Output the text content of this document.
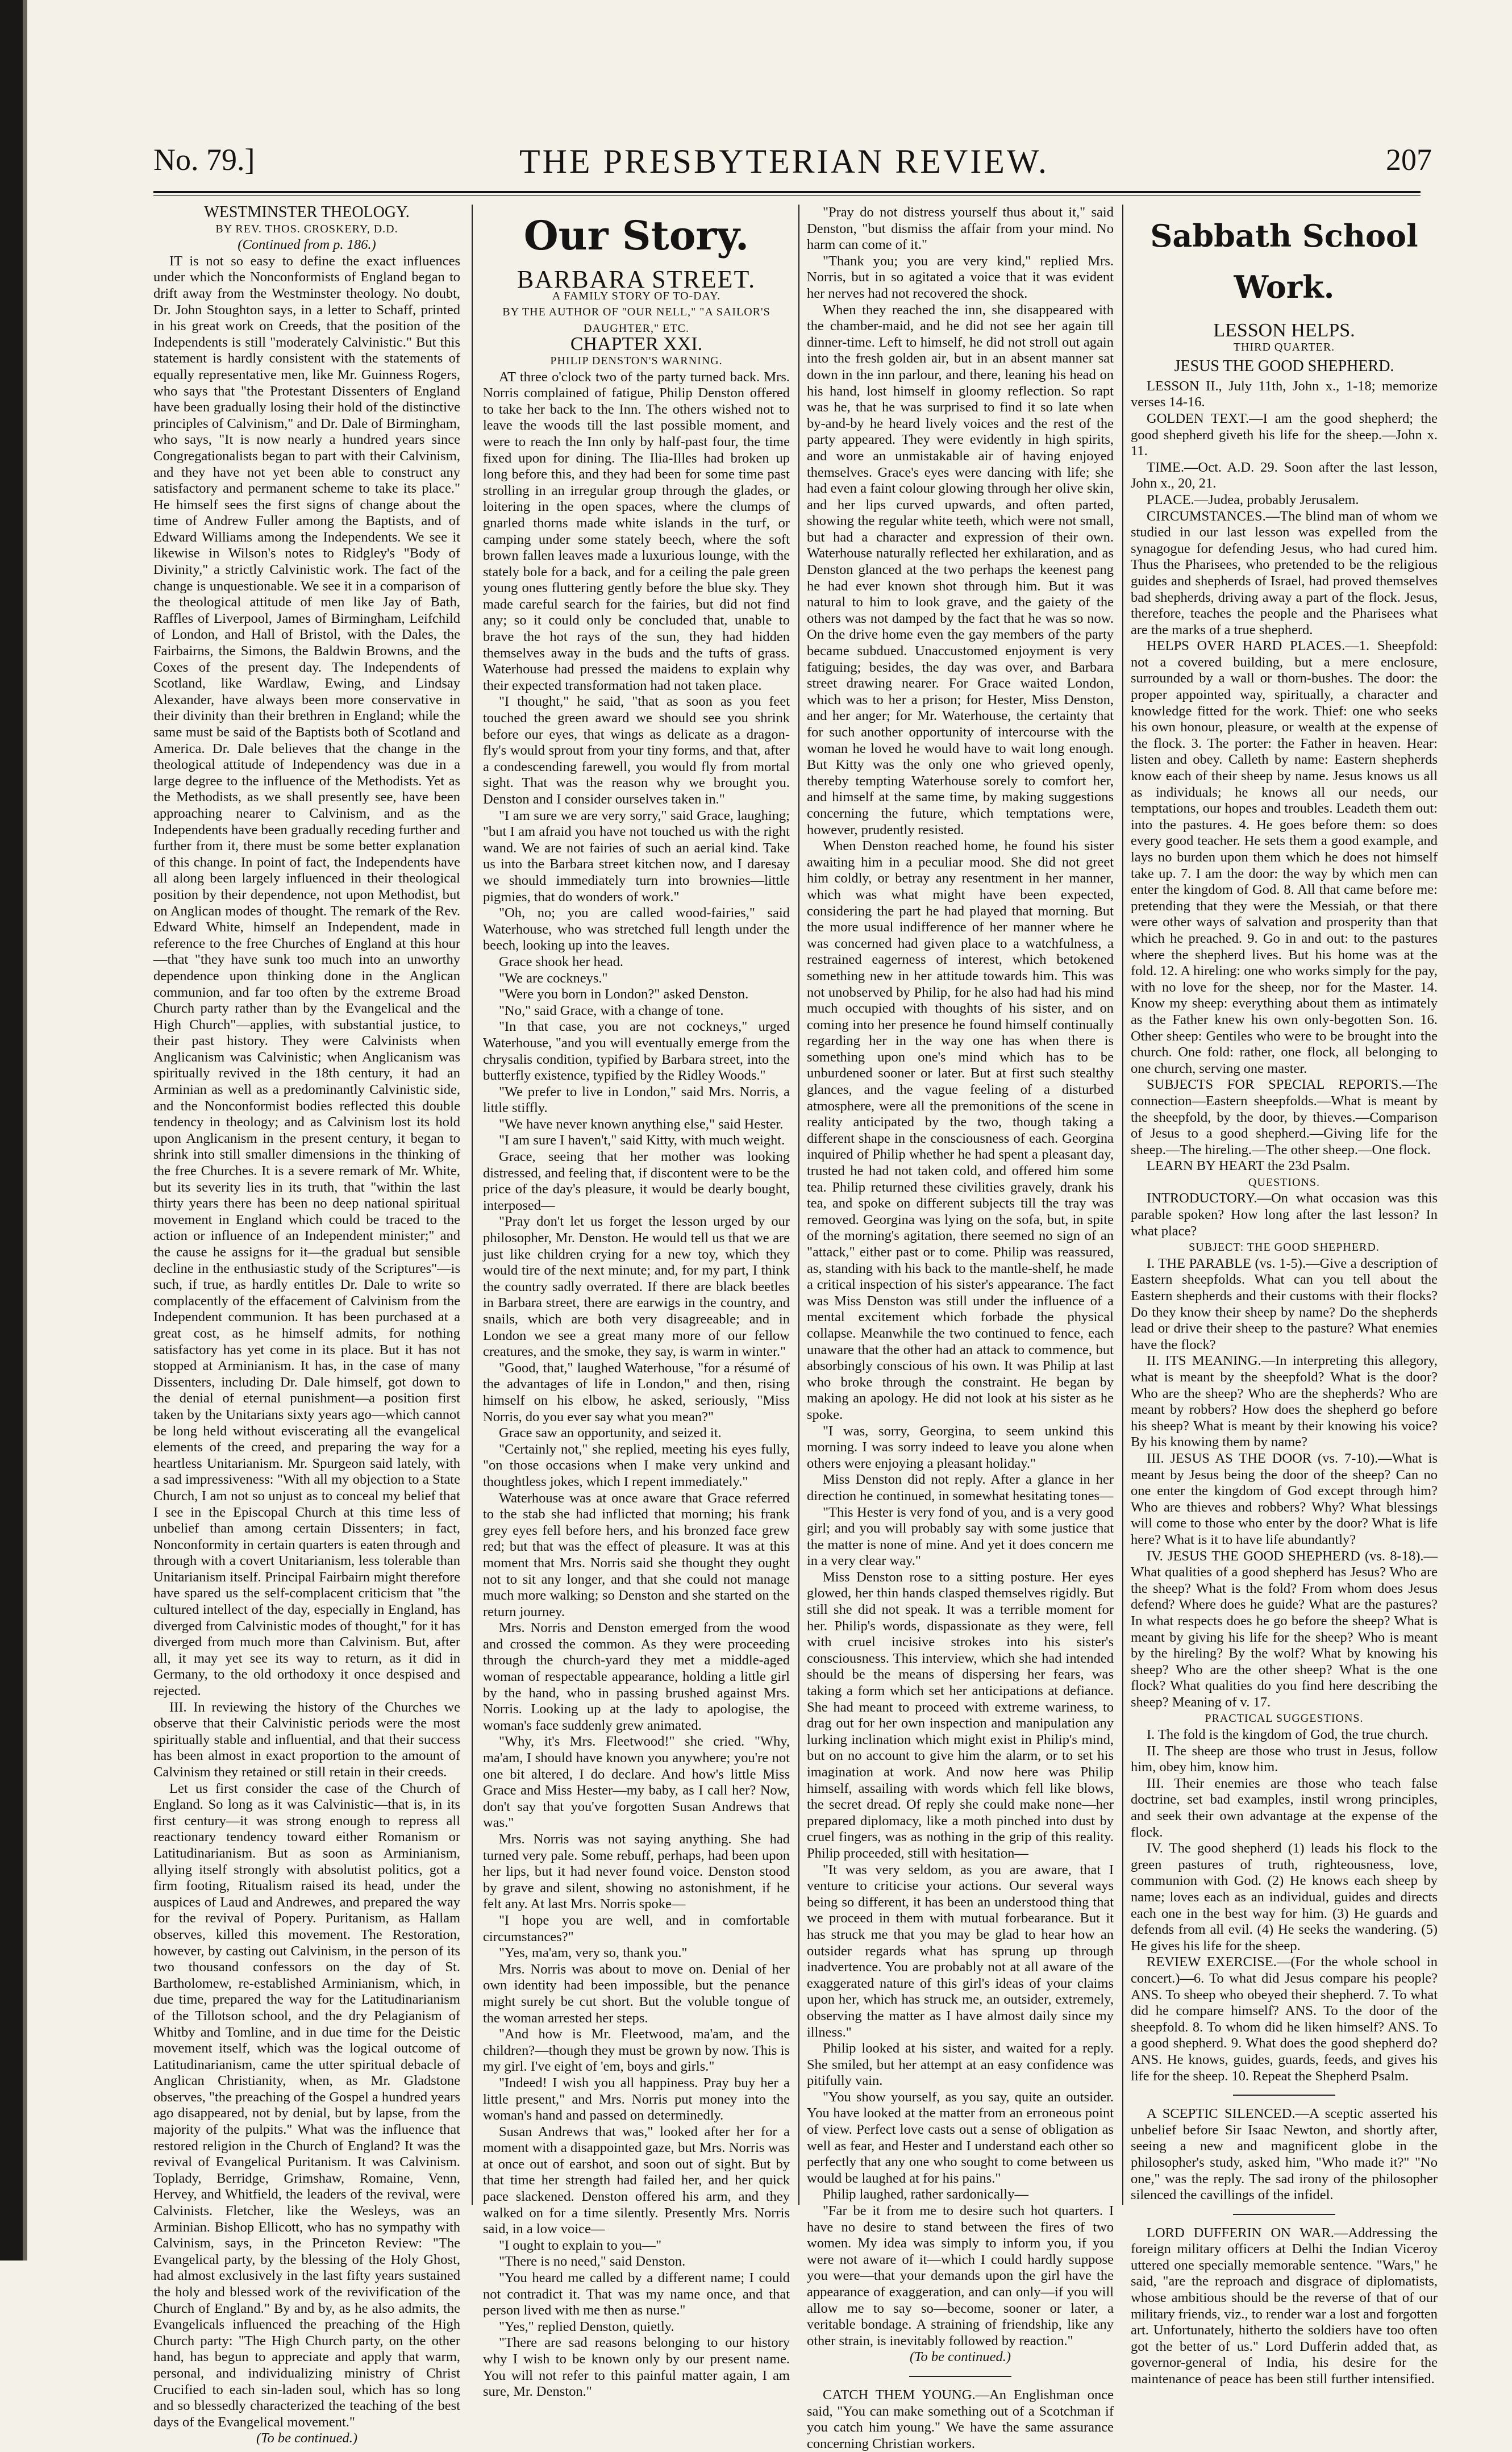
No. 79.]	THE PRESBYTERIAN REVIEW.	207

WESTMINSTER THEOLOGY.

BY REV. THOS. CROSKERY, D.D.

(Continued from p. 186.)

IT is not so easy to define the exact influences under which the Nonconformists of England began to drift away from the Westminster theology. No doubt, Dr. John Stoughton says, in a letter to Schaff, printed in his great work on Creeds, that the position of the Independents is still "moderately Calvinistic." But this statement is hardly consistent with the statements of equally representative men, like Mr. Guinness Rogers, who says that "the Protestant Dissenters of England have been gradually losing their hold of the distinctive principles of Calvinism," and Dr. Dale of Birmingham, who says, "It is now nearly a hundred years since Congregationalists began to part with their Calvinism, and they have not yet been able to construct any satisfactory and permanent scheme to take its place." He himself sees the first signs of change about the time of Andrew Fuller among the Baptists, and of Edward Williams among the Independents. We see it likewise in Wilson's notes to Ridgley's "Body of Divinity," a strictly Calvinistic work. The fact of the change is unquestionable. We see it in a comparison of the theological attitude of men like Jay of Bath, Raffles of Liverpool, James of Birmingham, Leifchild of London, and Hall of Bristol, with the Dales, the Fairbairns, the Simons, the Baldwin Browns, and the Coxes of the present day. The Independents of Scotland, like Wardlaw, Ewing, and Lindsay Alexander, have always been more conservative in their divinity than their brethren in England; while the same must be said of the Baptists both of Scotland and America. Dr. Dale believes that the change in the theological attitude of Independency was due in a large degree to the influence of the Methodists. Yet as the Methodists, as we shall presently see, have been approaching nearer to Calvinism, and as the Independents have been gradually receding further and further from it, there must be some better explanation of this change. In point of fact, the Independents have all along been largely influenced in their theological position by their dependence, not upon Methodist, but on Anglican modes of thought. The remark of the Rev. Edward White, himself an Independent, made in reference to the free Churches of England at this hour—that "they have sunk too much into an unworthy dependence upon thinking done in the Anglican communion, and far too often by the extreme Broad Church party rather than by the Evangelical and the High Church"—applies, with substantial justice, to their past history. They were Calvinists when Anglicanism was Calvinistic; when Anglicanism was spiritually revived in the 18th century, it had an Arminian as well as a predominantly Calvinistic side, and the Nonconformist bodies reflected this double tendency in theology; and as Calvinism lost its hold upon Anglicanism in the present century, it began to shrink into still smaller dimensions in the thinking of the free Churches. It is a severe remark of Mr. White, but its severity lies in its truth, that "within the last thirty years there has been no deep national spiritual movement in England which could be traced to the action or influence of an Independent minister;" and the cause he assigns for it—the gradual but sensible decline in the enthusiastic study of the Scriptures"—is such, if true, as hardly entitles Dr. Dale to write so complacently of the effacement of Calvinism from the Independent communion. It has been purchased at a great cost, as he himself admits, for nothing satisfactory has yet come in its place. But it has not stopped at Arminianism. It has, in the case of many Dissenters, including Dr. Dale himself, got down to the denial of eternal punishment—a position first taken by the Unitarians sixty years ago—which cannot be long held without eviscerating all the evangelical elements of the creed, and preparing the way for a heartless Unitarianism. Mr. Spurgeon said lately, with a sad impressiveness: "With all my objection to a State Church, I am not so unjust as to conceal my belief that I see in the Episcopal Church at this time less of unbelief than among certain Dissenters; in fact, Nonconformity in certain quarters is eaten through and through with a covert Unitarianism, less tolerable than Unitarianism itself. Principal Fairbairn might therefore have spared us the self-complacent criticism that "the cultured intellect of the day, especially in England, has diverged from Calvinistic modes of thought," for it has diverged from much more than Calvinism. But, after all, it may yet see its way to return, as it did in Germany, to the old orthodoxy it once despised and rejected.

III. In reviewing the history of the Churches we observe that their Calvinistic periods were the most spiritually stable and influential, and that their success has been almost in exact proportion to the amount of Calvinism they retained or still retain in their creeds.

Let us first consider the case of the Church of England. So long as it was Calvinistic—that is, in its first century—it was strong enough to repress all reactionary tendency toward either Romanism or Latitudinarianism. But as soon as Arminianism, allying itself strongly with absolutist politics, got a firm footing, Ritualism raised its head, under the auspices of Laud and Andrewes, and prepared the way for the revival of Popery. Puritanism, as Hallam observes, killed this movement. The Restoration, however, by casting out Calvinism, in the person of its two thousand confessors on the day of St. Bartholomew, re-established Arminianism, which, in due time, prepared the way for the Latitudinarianism of the Tillotson school, and the dry Pelagianism of Whitby and Tomline, and in due time for the Deistic movement itself, which was the logical outcome of Latitudinarianism, came the utter spiritual debacle of Anglican Christianity, when, as Mr. Gladstone observes, "the preaching of the Gospel a hundred years ago disappeared, not by denial, but by lapse, from the majority of the pulpits." What was the influence that restored religion in the Church of England? It was the revival of Evangelical Puritanism. It was Calvinism. Toplady, Berridge, Grimshaw, Romaine, Venn, Hervey, and Whitfield, the leaders of the revival, were Calvinists. Fletcher, like the Wesleys, was an Arminian. Bishop Ellicott, who has no sympathy with Calvinism, says, in the Princeton Review: "The Evangelical party, by the blessing of the Holy Ghost, had almost exclusively in the last fifty years sustained the holy and blessed work of the revivification of the Church of England." By and by, as he also admits, the Evangelicals influenced the preaching of the High Church party: "The High Church party, on the other hand, has begun to appreciate and apply that warm, personal, and individualizing ministry of Christ Crucified to each sin-laden soul, which has so long and so blessedly characterized the teaching of the best days of the Evangelical movement."

(To be continued.)

Our Story.

BARBARA STREET.

A FAMILY STORY OF TO-DAY.

BY THE AUTHOR OF "OUR NELL," "A SAILOR'S DAUGHTER," ETC.

CHAPTER XXI.

PHILIP DENSTON'S WARNING.

AT three o'clock two of the party turned back. Mrs. Norris complained of fatigue, Philip Denston offered to take her back to the Inn. The others wished not to leave the woods till the last possible moment, and were to reach the Inn only by half-past four, the time fixed upon for dining. The Ilia-Illes had broken up long before this, and they had been for some time past strolling in an irregular group through the glades, or loitering in the open spaces, where the clumps of gnarled thorns made white islands in the turf, or camping under some stately beech, where the soft brown fallen leaves made a luxurious lounge, with the stately bole for a back, and for a ceiling the pale green young ones fluttering gently before the blue sky. They made careful search for the fairies, but did not find any; so it could only be concluded that, unable to brave the hot rays of the sun, they had hidden themselves away in the buds and the tufts of grass. Waterhouse had pressed the maidens to explain why their expected transformation had not taken place.

"I thought," he said, "that as soon as you feet touched the green award we should see you shrink before our eyes, that wings as delicate as a dragon-fly's would sprout from your tiny forms, and that, after a condescending farewell, you would fly from mortal sight. That was the reason why we brought you. Denston and I consider ourselves taken in."

"I am sure we are very sorry," said Grace, laughing; "but I am afraid you have not touched us with the right wand. We are not fairies of such an aerial kind. Take us into the Barbara street kitchen now, and I daresay we should immediately turn into brownies—little pigmies, that do wonders of work."

"Oh, no; you are called wood-fairies," said Waterhouse, who was stretched full length under the beech, looking up into the leaves.

Grace shook her head.

"We are cockneys."

"Were you born in London?" asked Denston.

"No," said Grace, with a change of tone.

"In that case, you are not cockneys," urged Waterhouse, "and you will eventually emerge from the chrysalis condition, typified by Barbara street, into the butterfly existence, typified by the Ridley Woods."

"We prefer to live in London," said Mrs. Norris, a little stiffly.

"We have never known anything else," said Hester.

"I am sure I haven't," said Kitty, with much weight.

Grace, seeing that her mother was looking distressed, and feeling that, if discontent were to be the price of the day's pleasure, it would be dearly bought, interposed—

"Pray don't let us forget the lesson urged by our philosopher, Mr. Denston. He would tell us that we are just like children crying for a new toy, which they would tire of the next minute; and, for my part, I think the country sadly overrated. If there are black beetles in Barbara street, there are earwigs in the country, and snails, which are both very disagreeable; and in London we see a great many more of our fellow creatures, and the smoke, they say, is warm in winter."

"Good, that," laughed Waterhouse, "for a résumé of the advantages of life in London," and then, rising himself on his elbow, he asked, seriously, "Miss Norris, do you ever say what you mean?"

Grace saw an opportunity, and seized it.

"Certainly not," she replied, meeting his eyes fully, "on those occasions when I make very unkind and thoughtless jokes, which I repent immediately."

Waterhouse was at once aware that Grace referred to the stab she had inflicted that morning; his frank grey eyes fell before hers, and his bronzed face grew red; but that was the effect of pleasure. It was at this moment that Mrs. Norris said she thought they ought not to sit any longer, and that she could not manage much more walking; so Denston and she started on the return journey.

Mrs. Norris and Denston emerged from the wood and crossed the common. As they were proceeding through the church-yard they met a middle-aged woman of respectable appearance, holding a little girl by the hand, who in passing brushed against Mrs. Norris. Looking up at the lady to apologise, the woman's face suddenly grew animated.

"Why, it's Mrs. Fleetwood!" she cried. "Why, ma'am, I should have known you anywhere; you're not one bit altered, I do declare. And how's little Miss Grace and Miss Hester—my baby, as I call her? Now, don't say that you've forgotten Susan Andrews that was."

Mrs. Norris was not saying anything. She had turned very pale. Some rebuff, perhaps, had been upon her lips, but it had never found voice. Denston stood by grave and silent, showing no astonishment, if he felt any. At last Mrs. Norris spoke—

"I hope you are well, and in comfortable circumstances?"

"Yes, ma'am, very so, thank you."

Mrs. Norris was about to move on. Denial of her own identity had been impossible, but the penance might surely be cut short. But the voluble tongue of the woman arrested her steps.

"And how is Mr. Fleetwood, ma'am, and the children?—though they must be grown by now. This is my girl. I've eight of 'em, boys and girls."

"Indeed! I wish you all happiness. Pray buy her a little present," and Mrs. Norris put money into the woman's hand and passed on determinedly.

Susan Andrews that was," looked after her for a moment with a disappointed gaze, but Mrs. Norris was at once out of earshot, and soon out of sight. But by that time her strength had failed her, and her quick pace slackened. Denston offered his arm, and they walked on for a time silently. Presently Mrs. Norris said, in a low voice—

"I ought to explain to you—"

"There is no need," said Denston.

"You heard me called by a different name; I could not contradict it. That was my name once, and that person lived with me then as nurse."

"Yes," replied Denston, quietly.

"There are sad reasons belonging to our history why I wish to be known only by our present name. You will not refer to this painful matter again, I am sure, Mr. Denston."

"Pray do not distress yourself thus about it," said Denston, "but dismiss the affair from your mind. No harm can come of it."

"Thank you; you are very kind," replied Mrs. Norris, but in so agitated a voice that it was evident her nerves had not recovered the shock.

When they reached the inn, she disappeared with the chamber-maid, and he did not see her again till dinner-time. Left to himself, he did not stroll out again into the fresh golden air, but in an absent manner sat down in the inn parlour, and there, leaning his head on his hand, lost himself in gloomy reflection. So rapt was he, that he was surprised to find it so late when by-and-by he heard lively voices and the rest of the party appeared. They were evidently in high spirits, and wore an unmistakable air of having enjoyed themselves. Grace's eyes were dancing with life; she had even a faint colour glowing through her olive skin, and her lips curved upwards, and often parted, showing the regular white teeth, which were not small, but had a character and expression of their own. Waterhouse naturally reflected her exhilaration, and as Denston glanced at the two perhaps the keenest pang he had ever known shot through him. But it was natural to him to look grave, and the gaiety of the others was not damped by the fact that he was so now. On the drive home even the gay members of the party became subdued. Unaccustomed enjoyment is very fatiguing; besides, the day was over, and Barbara street drawing nearer. For Grace waited London, which was to her a prison; for Hester, Miss Denston, and her anger; for Mr. Waterhouse, the certainty that for such another opportunity of intercourse with the woman he loved he would have to wait long enough. But Kitty was the only one who grieved openly, thereby tempting Waterhouse sorely to comfort her, and himself at the same time, by making suggestions concerning the future, which temptations were, however, prudently resisted.

When Denston reached home, he found his sister awaiting him in a peculiar mood. She did not greet him coldly, or betray any resentment in her manner, which was what might have been expected, considering the part he had played that morning. But the more usual indifference of her manner where he was concerned had given place to a watchfulness, a restrained eagerness of interest, which betokened something new in her attitude towards him. This was not unobserved by Philip, for he also had had his mind much occupied with thoughts of his sister, and on coming into her presence he found himself continually regarding her in the way one has when there is something upon one's mind which has to be unburdened sooner or later. But at first such stealthy glances, and the vague feeling of a disturbed atmosphere, were all the premonitions of the scene in reality anticipated by the two, though taking a different shape in the consciousness of each. Georgina inquired of Philip whether he had spent a pleasant day, trusted he had not taken cold, and offered him some tea. Philip returned these civilities gravely, drank his tea, and spoke on different subjects till the tray was removed. Georgina was lying on the sofa, but, in spite of the morning's agitation, there seemed no sign of an "attack," either past or to come. Philip was reassured, as, standing with his back to the mantle-shelf, he made a critical inspection of his sister's appearance. The fact was Miss Denston was still under the influence of a mental excitement which forbade the physical collapse. Meanwhile the two continued to fence, each unaware that the other had an attack to commence, but absorbingly conscious of his own. It was Philip at last who broke through the constraint. He began by making an apology. He did not look at his sister as he spoke.

"I was, sorry, Georgina, to seem unkind this morning. I was sorry indeed to leave you alone when others were enjoying a pleasant holiday."

Miss Denston did not reply. After a glance in her direction he continued, in somewhat hesitating tones—

"This Hester is very fond of you, and is a very good girl; and you will probably say with some justice that the matter is none of mine. And yet it does concern me in a very clear way."

Miss Denston rose to a sitting posture. Her eyes glowed, her thin hands clasped themselves rigidly. But still she did not speak. It was a terrible moment for her. Philip's words, dispassionate as they were, fell with cruel incisive strokes into his sister's consciousness. This interview, which she had intended should be the means of dispersing her fears, was taking a form which set her anticipations at defiance. She had meant to proceed with extreme wariness, to drag out for her own inspection and manipulation any lurking inclination which might exist in Philip's mind, but on no account to give him the alarm, or to set his imagination at work. And now here was Philip himself, assailing with words which fell like blows, the secret dread. Of reply she could make none—her prepared diplomacy, like a moth pinched into dust by cruel fingers, was as nothing in the grip of this reality. Philip proceeded, still with hesitation—

"It was very seldom, as you are aware, that I venture to criticise your actions. Our several ways being so different, it has been an understood thing that we proceed in them with mutual forbearance. But it has struck me that you may be glad to hear how an outsider regards what has sprung up through inadvertence. You are probably not at all aware of the exaggerated nature of this girl's ideas of your claims upon her, which has struck me, an outsider, extremely, observing the matter as I have almost daily since my illness."

Philip looked at his sister, and waited for a reply. She smiled, but her attempt at an easy confidence was pitifully vain.

"You show yourself, as you say, quite an outsider. You have looked at the matter from an erroneous point of view. Perfect love casts out a sense of obligation as well as fear, and Hester and I understand each other so perfectly that any one who sought to come between us would be laughed at for his pains."

Philip laughed, rather sardonically—

"Far be it from me to desire such hot quarters. I have no desire to stand between the fires of two women. My idea was simply to inform you, if you were not aware of it—which I could hardly suppose you were—that your demands upon the girl have the appearance of exaggeration, and can only—if you will allow me to say so—become, sooner or later, a veritable bondage. A straining of friendship, like any other strain, is inevitably followed by reaction."

(To be continued.)

CATCH THEM YOUNG.—An Englishman once said, "You can make something out of a Scotchman if you catch him young." We have the same assurance concerning Christian workers.

Sabbath School Work.

LESSON HELPS.

THIRD QUARTER.

JESUS THE GOOD SHEPHERD.

LESSON II., July 11th, John x., 1-18; memorize verses 14-16.

GOLDEN TEXT.—I am the good shepherd; the good shepherd giveth his life for the sheep.—John x. 11.

TIME.—Oct. A.D. 29. Soon after the last lesson, John x., 20, 21.

PLACE.—Judea, probably Jerusalem.

CIRCUMSTANCES.—The blind man of whom we studied in our last lesson was expelled from the synagogue for defending Jesus, who had cured him. Thus the Pharisees, who pretended to be the religious guides and shepherds of Israel, had proved themselves bad shepherds, driving away a part of the flock. Jesus, therefore, teaches the people and the Pharisees what are the marks of a true shepherd.

HELPS OVER HARD PLACES.—1. Sheepfold: not a covered building, but a mere enclosure, surrounded by a wall or thorn-bushes. The door: the proper appointed way, spiritually, a character and knowledge fitted for the work. Thief: one who seeks his own honour, pleasure, or wealth at the expense of the flock. 3. The porter: the Father in heaven. Hear: listen and obey. Calleth by name: Eastern shepherds know each of their sheep by name. Jesus knows us all as individuals; he knows all our needs, our temptations, our hopes and troubles. Leadeth them out: into the pastures. 4. He goes before them: so does every good teacher. He sets them a good example, and lays no burden upon them which he does not himself take up. 7. I am the door: the way by which men can enter the kingdom of God. 8. All that came before me: pretending that they were the Messiah, or that there were other ways of salvation and prosperity than that which he preached. 9. Go in and out: to the pastures where the shepherd lives. But his home was at the fold. 12. A hireling: one who works simply for the pay, with no love for the sheep, nor for the Master. 14. Know my sheep: everything about them as intimately as the Father knew his own only-begotten Son. 16. Other sheep: Gentiles who were to be brought into the church. One fold: rather, one flock, all belonging to one church, serving one master.

SUBJECTS FOR SPECIAL REPORTS.—The connection—Eastern sheepfolds.—What is meant by the sheepfold, by the door, by thieves.—Comparison of Jesus to a good shepherd.—Giving life for the sheep.—The hireling.—The other sheep.—One flock.

LEARN BY HEART the 23d Psalm.

QUESTIONS.

INTRODUCTORY.—On what occasion was this parable spoken? How long after the last lesson? In what place?

SUBJECT: THE GOOD SHEPHERD.

I. THE PARABLE (vs. 1-5).—Give a description of Eastern sheepfolds. What can you tell about the Eastern shepherds and their customs with their flocks? Do they know their sheep by name? Do the shepherds lead or drive their sheep to the pasture? What enemies have the flock?

II. ITS MEANING.—In interpreting this allegory, what is meant by the sheepfold? What is the door? Who are the sheep? Who are the shepherds? Who are meant by robbers? How does the shepherd go before his sheep? What is meant by their knowing his voice? By his knowing them by name?

III. JESUS AS THE DOOR (vs. 7-10).—What is meant by Jesus being the door of the sheep? Can no one enter the kingdom of God except through him? Who are thieves and robbers? Why? What blessings will come to those who enter by the door? What is life here? What is it to have life abundantly?

IV. JESUS THE GOOD SHEPHERD (vs. 8-18).—What qualities of a good shepherd has Jesus? Who are the sheep? What is the fold? From whom does Jesus defend? Where does he guide? What are the pastures? In what respects does he go before the sheep? What is meant by giving his life for the sheep? Who is meant by the hireling? By the wolf? What by knowing his sheep? Who are the other sheep? What is the one flock? What qualities do you find here describing the sheep? Meaning of v. 17.

PRACTICAL SUGGESTIONS.

I. The fold is the kingdom of God, the true church.

II. The sheep are those who trust in Jesus, follow him, obey him, know him.

III. Their enemies are those who teach false doctrine, set bad examples, instil wrong principles, and seek their own advantage at the expense of the flock.

IV. The good shepherd (1) leads his flock to the green pastures of truth, righteousness, love, communion with God. (2) He knows each sheep by name; loves each as an individual, guides and directs each one in the best way for him. (3) He guards and defends from all evil. (4) He seeks the wandering. (5) He gives his life for the sheep.

REVIEW EXERCISE.—(For the whole school in concert.)—6. To what did Jesus compare his people? ANS. To sheep who obeyed their shepherd. 7. To what did he compare himself? ANS. To the door of the sheepfold. 8. To whom did he liken himself? ANS. To a good shepherd. 9. What does the good shepherd do? ANS. He knows, guides, guards, feeds, and gives his life for the sheep. 10. Repeat the Shepherd Psalm.

A SCEPTIC SILENCED.—A sceptic asserted his unbelief before Sir Isaac Newton, and shortly after, seeing a new and magnificent globe in the philosopher's study, asked him, "Who made it?" "No one," was the reply. The sad irony of the philosopher silenced the cavillings of the infidel.

LORD DUFFERIN ON WAR.—Addressing the foreign military officers at Delhi the Indian Viceroy uttered one specially memorable sentence. "Wars," he said, "are the reproach and disgrace of diplomatists, whose ambitious should be the reverse of that of our military friends, viz., to render war a lost and forgotten art. Unfortunately, hitherto the soldiers have too often got the better of us." Lord Dufferin added that, as governor-general of India, his desire for the maintenance of peace has been still further intensified.
